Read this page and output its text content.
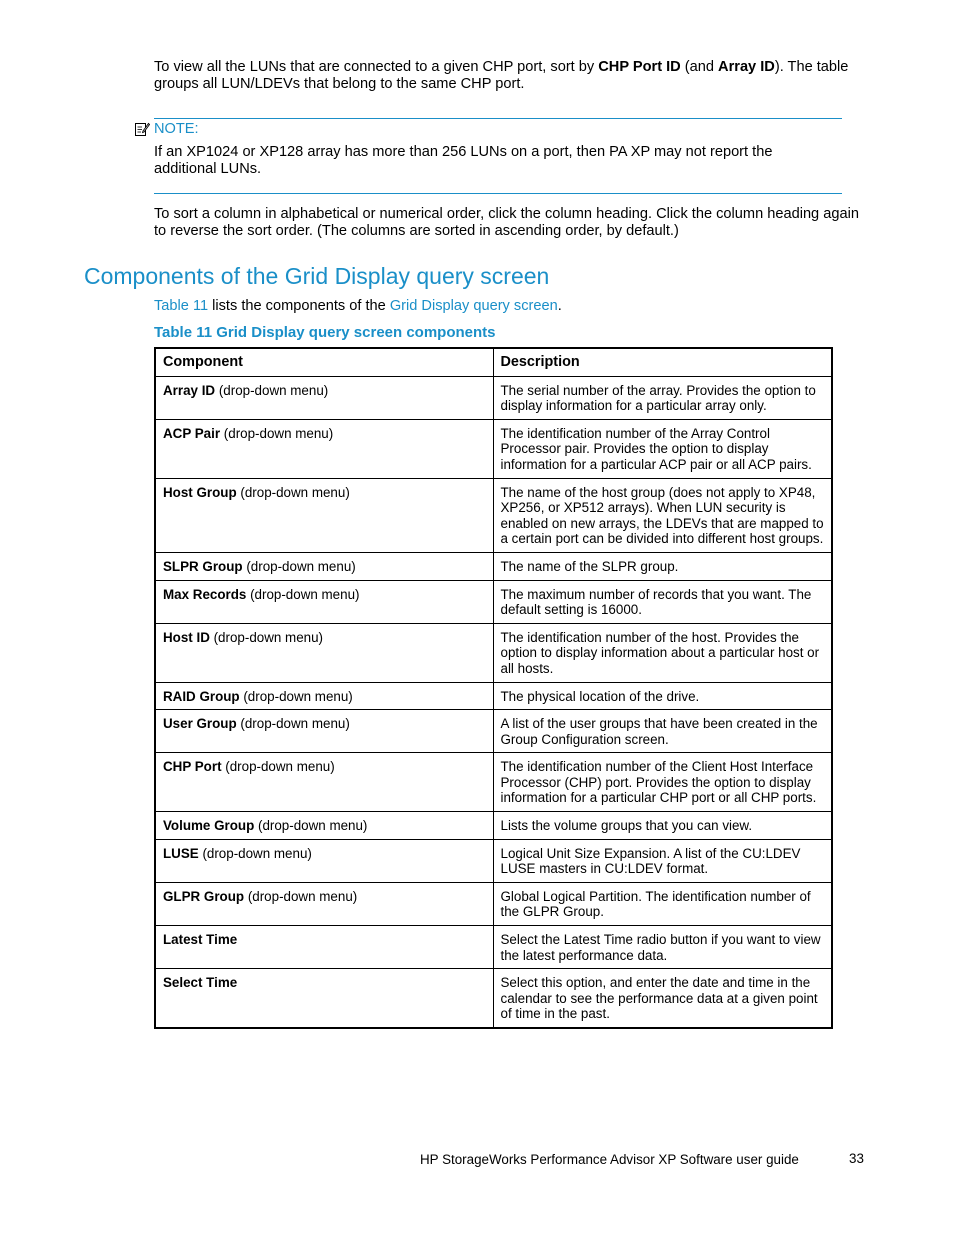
To view all the LUNs that are connected to a given CHP port, sort by CHP Port ID (and Array ID). The table groups all LUN/LDEVs that belong to the same CHP port.

NOTE:

If an XP1024 or XP128 array has more than 256 LUNs on a port, then PA XP may not report the additional LUNs.

To sort a column in alphabetical or numerical order, click the column heading. Click the column heading again to reverse the sort order. (The columns are sorted in ascending order, by default.)

Components of the Grid Display query screen

Table 11 lists the components of the Grid Display query screen.

Table 11 Grid Display query screen components

Component	Description
Array ID (drop-down menu)	The serial number of the array. Provides the option to display information for a particular array only.
ACP Pair (drop-down menu)	The identification number of the Array Control Processor pair. Provides the option to display information for a particular ACP pair or all ACP pairs.
Host Group (drop-down menu)	The name of the host group (does not apply to XP48, XP256, or XP512 arrays). When LUN security is enabled on new arrays, the LDEVs that are mapped to a certain port can be divided into different host groups.
SLPR Group (drop-down menu)	The name of the SLPR group.
Max Records (drop-down menu)	The maximum number of records that you want. The default setting is 16000.
Host ID (drop-down menu)	The identification number of the host. Provides the option to display information about a particular host or all hosts.
RAID Group (drop-down menu)	The physical location of the drive.
User Group (drop-down menu)	A list of the user groups that have been created in the Group Configuration screen.
CHP Port (drop-down menu)	The identification number of the Client Host Interface Processor (CHP) port. Provides the option to display information for a particular CHP port or all CHP ports.
Volume Group (drop-down menu)	Lists the volume groups that you can view.
LUSE (drop-down menu)	Logical Unit Size Expansion. A list of the CU:LDEV LUSE masters in CU:LDEV format.
GLPR Group (drop-down menu)	Global Logical Partition. The identification number of the GLPR Group.
Latest Time	Select the Latest Time radio button if you want to view the latest performance data.
Select Time	Select this option, and enter the date and time in the calendar to see the performance data at a given point of time in the past.
HP StorageWorks Performance Advisor XP Software user guide	33
